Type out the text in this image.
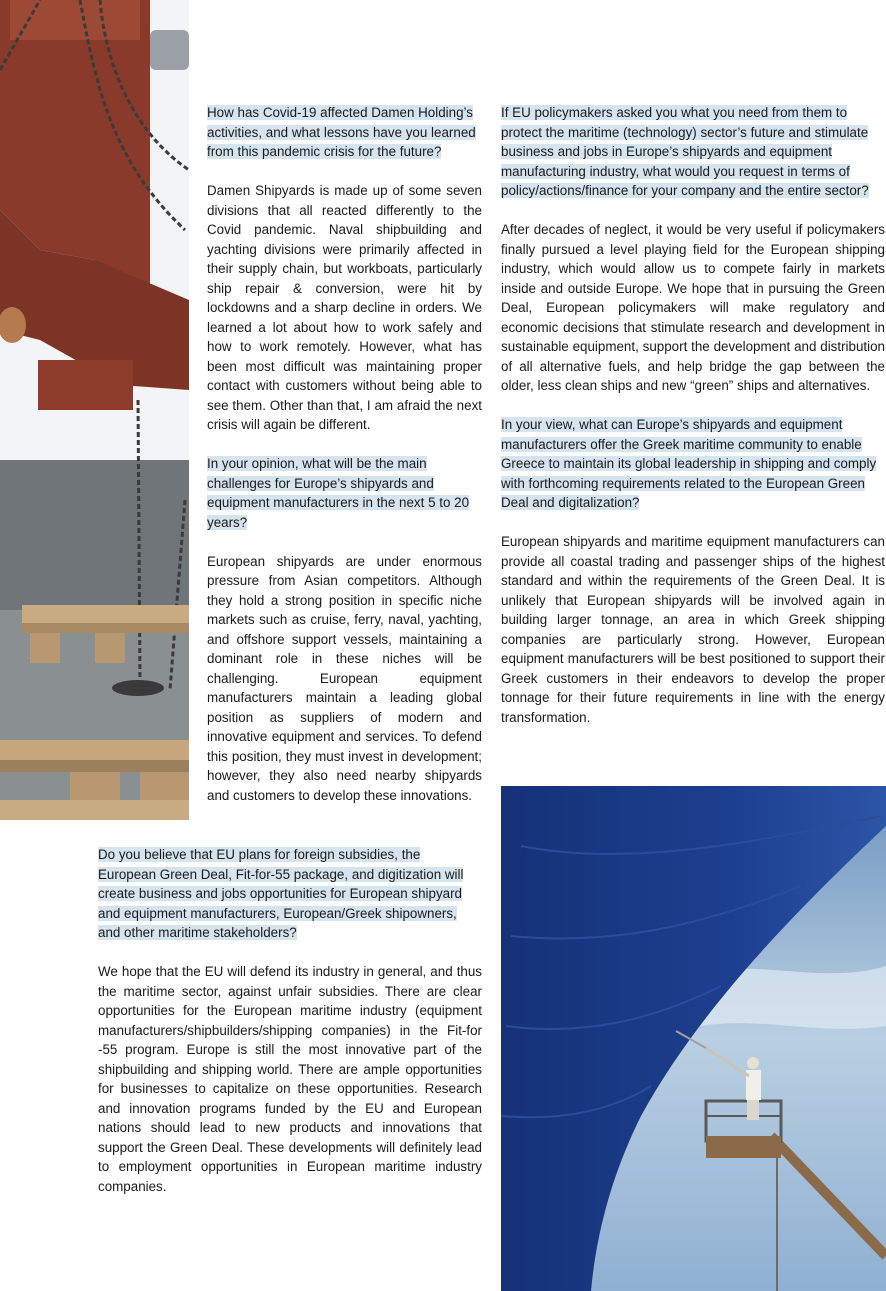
How has Covid-19 affected Damen Holding’s activities, and what lessons have you learned from this pandemic crisis for the future?

Damen Shipyards is made up of some seven divisions that all reacted differently to the Covid pandemic. Naval shipbuilding and yachting divisions were primarily affected in their supply chain, but workboats, particularly ship repair & conversion, were hit by lockdowns and a sharp decline in orders. We learned a lot about how to work safely and how to work remotely. However, what has been most difficult was maintaining proper contact with customers without being able to see them. Other than that, I am afraid the next crisis will again be different.

In your opinion, what will be the main challenges for Europe’s shipyards and equipment manufacturers in the next 5 to 20 years?

European shipyards are under enormous pressure from Asian competitors. Although they hold a strong position in specific niche markets such as cruise, ferry, naval, yachting, and offshore support vessels, maintaining a dominant role in these niches will be challenging. European equipment manufacturers maintain a leading global position as suppliers of modern and innovative equipment and services. To defend this position, they must invest in development; however, they also need nearby shipyards and customers to develop these innovations.

Do you believe that EU plans for foreign subsidies, the European Green Deal, Fit-for-55 package, and digitization will create business and jobs opportunities for European shipyard and equipment manufacturers, European/Greek shipowners, and other maritime stakeholders?

We hope that the EU will defend its industry in general, and thus the maritime sector, against unfair subsidies. There are clear opportunities for the European maritime industry (equipment manufacturers/shipbuilders/shipping companies) in the Fit-for -55 program. Europe is still the most innovative part of the shipbuilding and shipping world. There are ample opportunities for businesses to capitalize on these opportunities. Research and innovation programs funded by the EU and European nations should lead to new products and innovations that support the Green Deal. These developments will definitely lead to employment opportunities in European maritime industry companies.

If EU policymakers asked you what you need from them to protect the maritime (technology) sector’s future and stimulate business and jobs in Europe’s shipyards and equipment manufacturing industry, what would you request in terms of policy/actions/finance for your company and the entire sector?

After decades of neglect, it would be very useful if policymakers finally pursued a level playing field for the European shipping industry, which would allow us to compete fairly in markets inside and outside Europe. We hope that in pursuing the Green Deal, European policymakers will make regulatory and economic decisions that stimulate research and development in sustainable equipment, support the development and distribution of all alternative fuels, and help bridge the gap between the older, less clean ships and new “green” ships and alternatives.

In your view, what can Europe’s shipyards and equipment manufacturers offer the Greek maritime community to enable Greece to maintain its global leadership in shipping and comply with forthcoming requirements related to the European Green Deal and digitalization?

European shipyards and maritime equipment manufacturers can provide all coastal trading and passenger ships of the highest standard and within the requirements of the Green Deal. It is unlikely that European shipyards will be involved again in building larger tonnage, an area in which Greek shipping companies are particularly strong. However, European equipment manufacturers will be best positioned to support their Greek customers in their endeavors to develop the proper tonnage for their future requirements in line with the energy transformation.
